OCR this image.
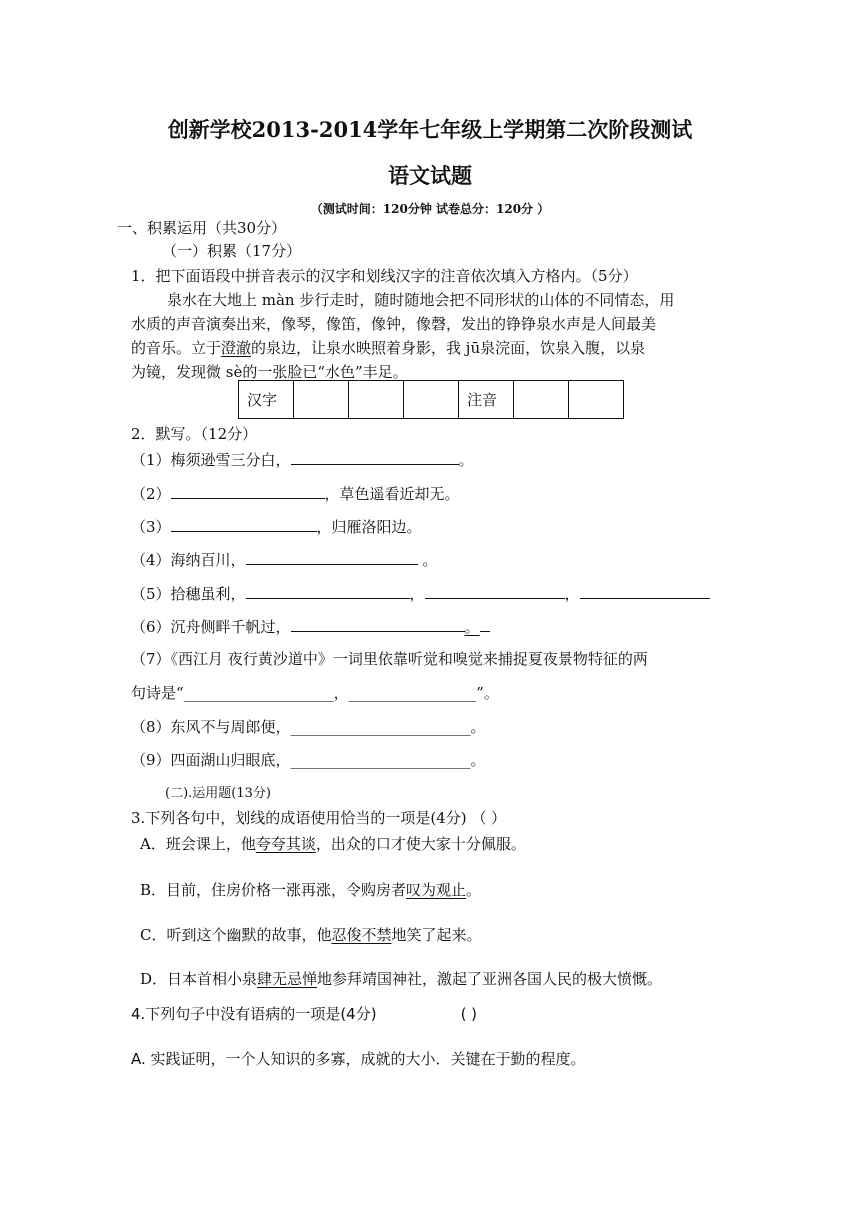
创新学校2013-2014学年七年级上学期第二次阶段测试
语文试题
（测试时间：120分钟 试卷总分：120分 ）
一、积累运用（共30分）
（一）积累（17分）
1．把下面语段中拼音表示的汉字和划线汉字的注音依次填入方格内。（5分）
泉水在大地上 màn 步行走时，随时随地会把不同形状的山体的不同情态，用
水质的声音演奏出来，像琴，像笛，像钟，像磬，发出的铮铮泉水声是人间最美
的音乐。立于澄澈的泉边，让泉水映照着身影，我 jū泉浣面，饮泉入腹，以泉
为镜，发现微 sè的一张脸已“水色”丰足。
汉字				注音		
2．默写。（12分）
（1）梅须逊雪三分白，	。
（2）	，草色遥看近却无。
（3）	，归雁洛阳边。
（4）海纳百川，	。
（5）拾穗虽利，	，	，
（6）沉舟侧畔千帆过，	。
（7）《西江月 夜行黄沙道中》一词里依靠听觉和嗅觉来捕捉夏夜景物特征的两
句诗是“____________________，_________________”。
（8）东风不与周郎便，________________________。
（9）四面湖山归眼底，________________________。
(二).运用题(13分)
3.下列各句中，划线的成语使用恰当的一项是(4分) （ ）
A．班会课上，他夸夸其谈，出众的口才使大家十分佩服。
B．目前，住房价格一涨再涨，令购房者叹为观止。
C．听到这个幽默的故事，他忍俊不禁地笑了起来。
D．日本首相小泉肆无忌惮地参拜靖国神社，激起了亚洲各国人民的极大愤慨。
4.下列句子中没有语病的一项是(4分)	( )
A. 实践证明，一个人知识的多寡，成就的大小．关键在于勤的程度。
